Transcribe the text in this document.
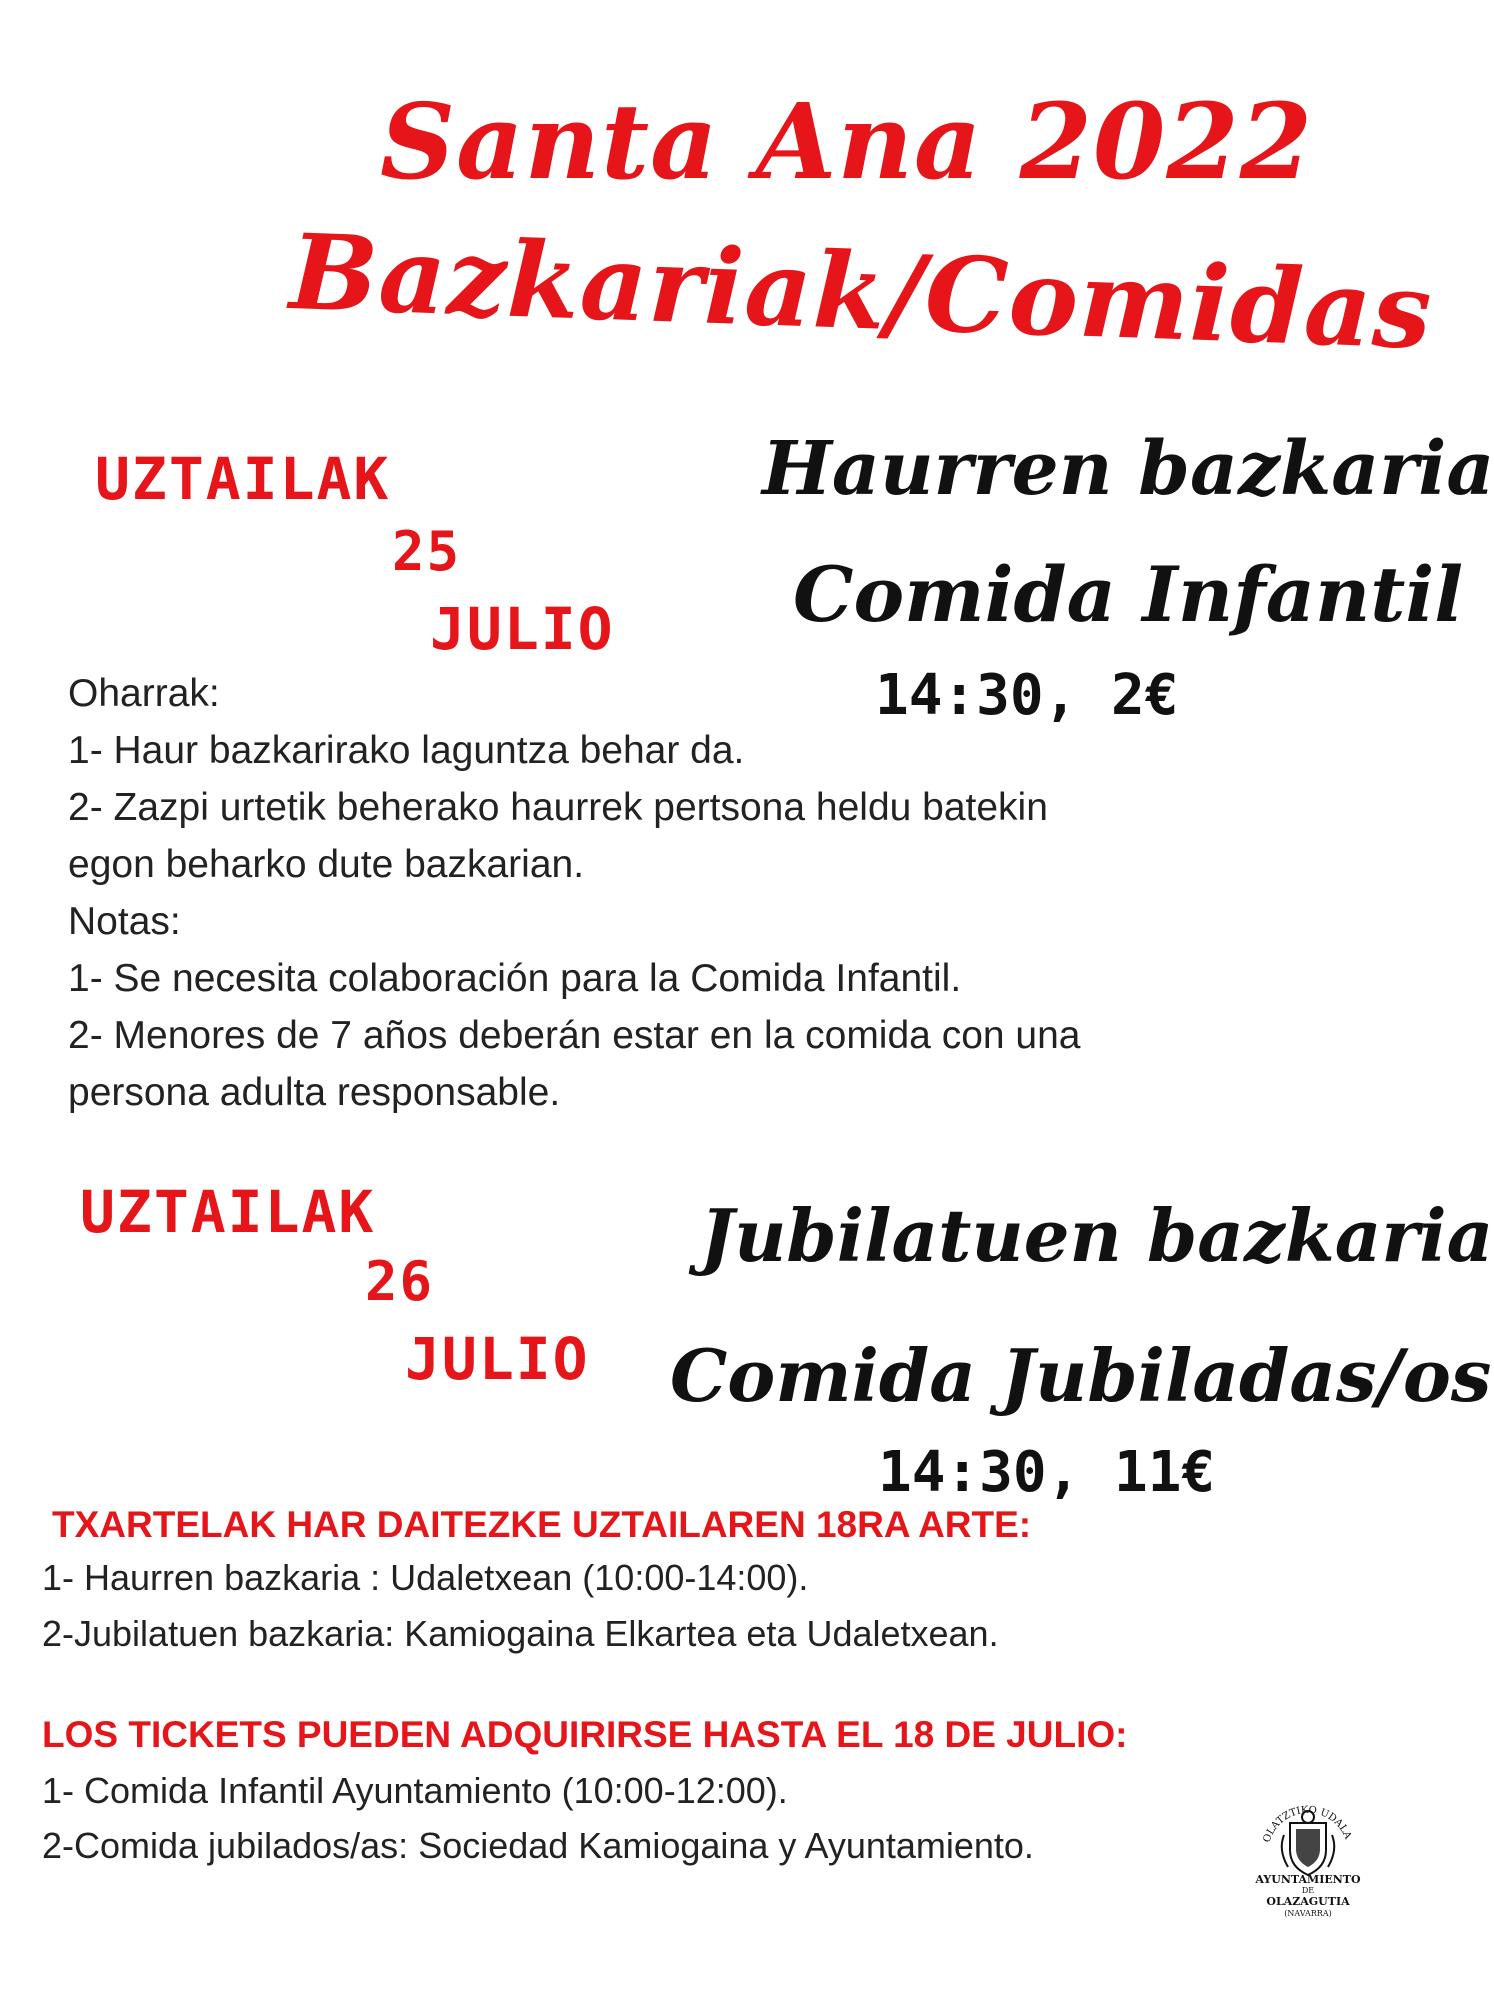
Santa Ana 2022
Bazkariak/Comidas
UZTAILAK
25
JULIO
Haurren bazkaria
Comida Infantil
14:30, 2€
Oharrak:
1- Haur bazkarirako laguntza behar da.
2- Zazpi urtetik beherako haurrek pertsona heldu batekin
egon beharko dute bazkarian.
Notas:
1- Se necesita colaboración para la Comida Infantil.
2- Menores de 7 años deberán estar en la comida con una
persona adulta responsable.
UZTAILAK
26
JULIO
Jubilatuen bazkaria
Comida Jubiladas/os
14:30, 11€
TXARTELAK HAR DAITEZKE UZTAILAREN 18RA ARTE:
1- Haurren bazkaria : Udaletxean (10:00-14:00).
2-Jubilatuen bazkaria: Kamiogaina Elkartea eta Udaletxean.
LOS TICKETS PUEDEN ADQUIRIRSE HASTA EL 18 DE JULIO:
1- Comida Infantil Ayuntamiento (10:00-12:00).
2-Comida jubilados/as: Sociedad Kamiogaina y Ayuntamiento.	OLATZTIKO UDALA
AYUNTAMIENTO
DE
OLAZAGUTIA
(NAVARRA)
